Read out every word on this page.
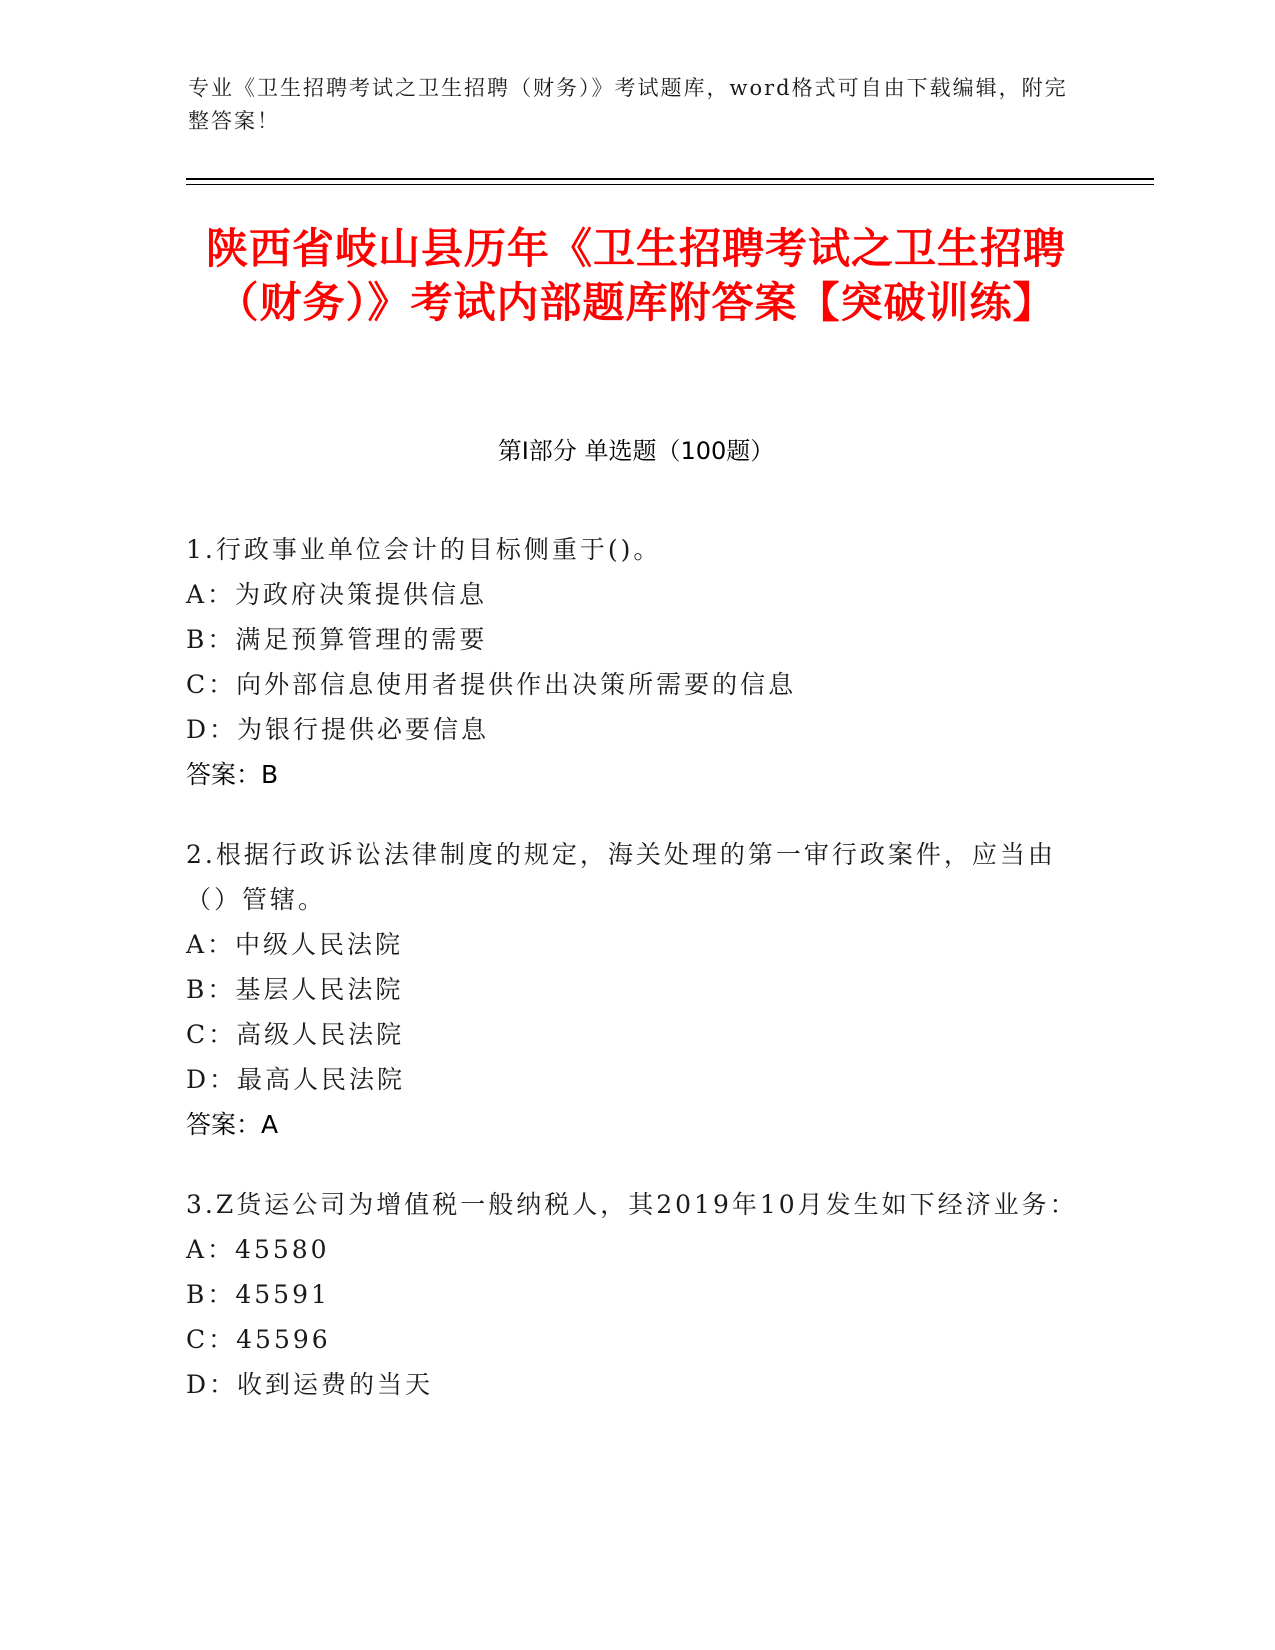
专业《卫生招聘考试之卫生招聘（财务）》考试题库，word格式可自由下载编辑，附完整答案！
陕西省岐山县历年《卫生招聘考试之卫生招聘（财务）》考试内部题库附答案【突破训练】
第I部分 单选题（100题）

1.行政事业单位会计的目标侧重于()。

A：为政府决策提供信息
B：满足预算管理的需要
C：向外部信息使用者提供作出决策所需要的信息
D：为银行提供必要信息
答案：B

2.根据行政诉讼法律制度的规定，海关处理的第一审行政案件，应当由（）管辖。

A：中级人民法院
B：基层人民法院
C：高级人民法院
D：最高人民法院
答案：A

3.Z货运公司为增值税一般纳税人，其2019年10月发生如下经济业务：

A：45580
B：45591
C：45596
D：收到运费的当天
